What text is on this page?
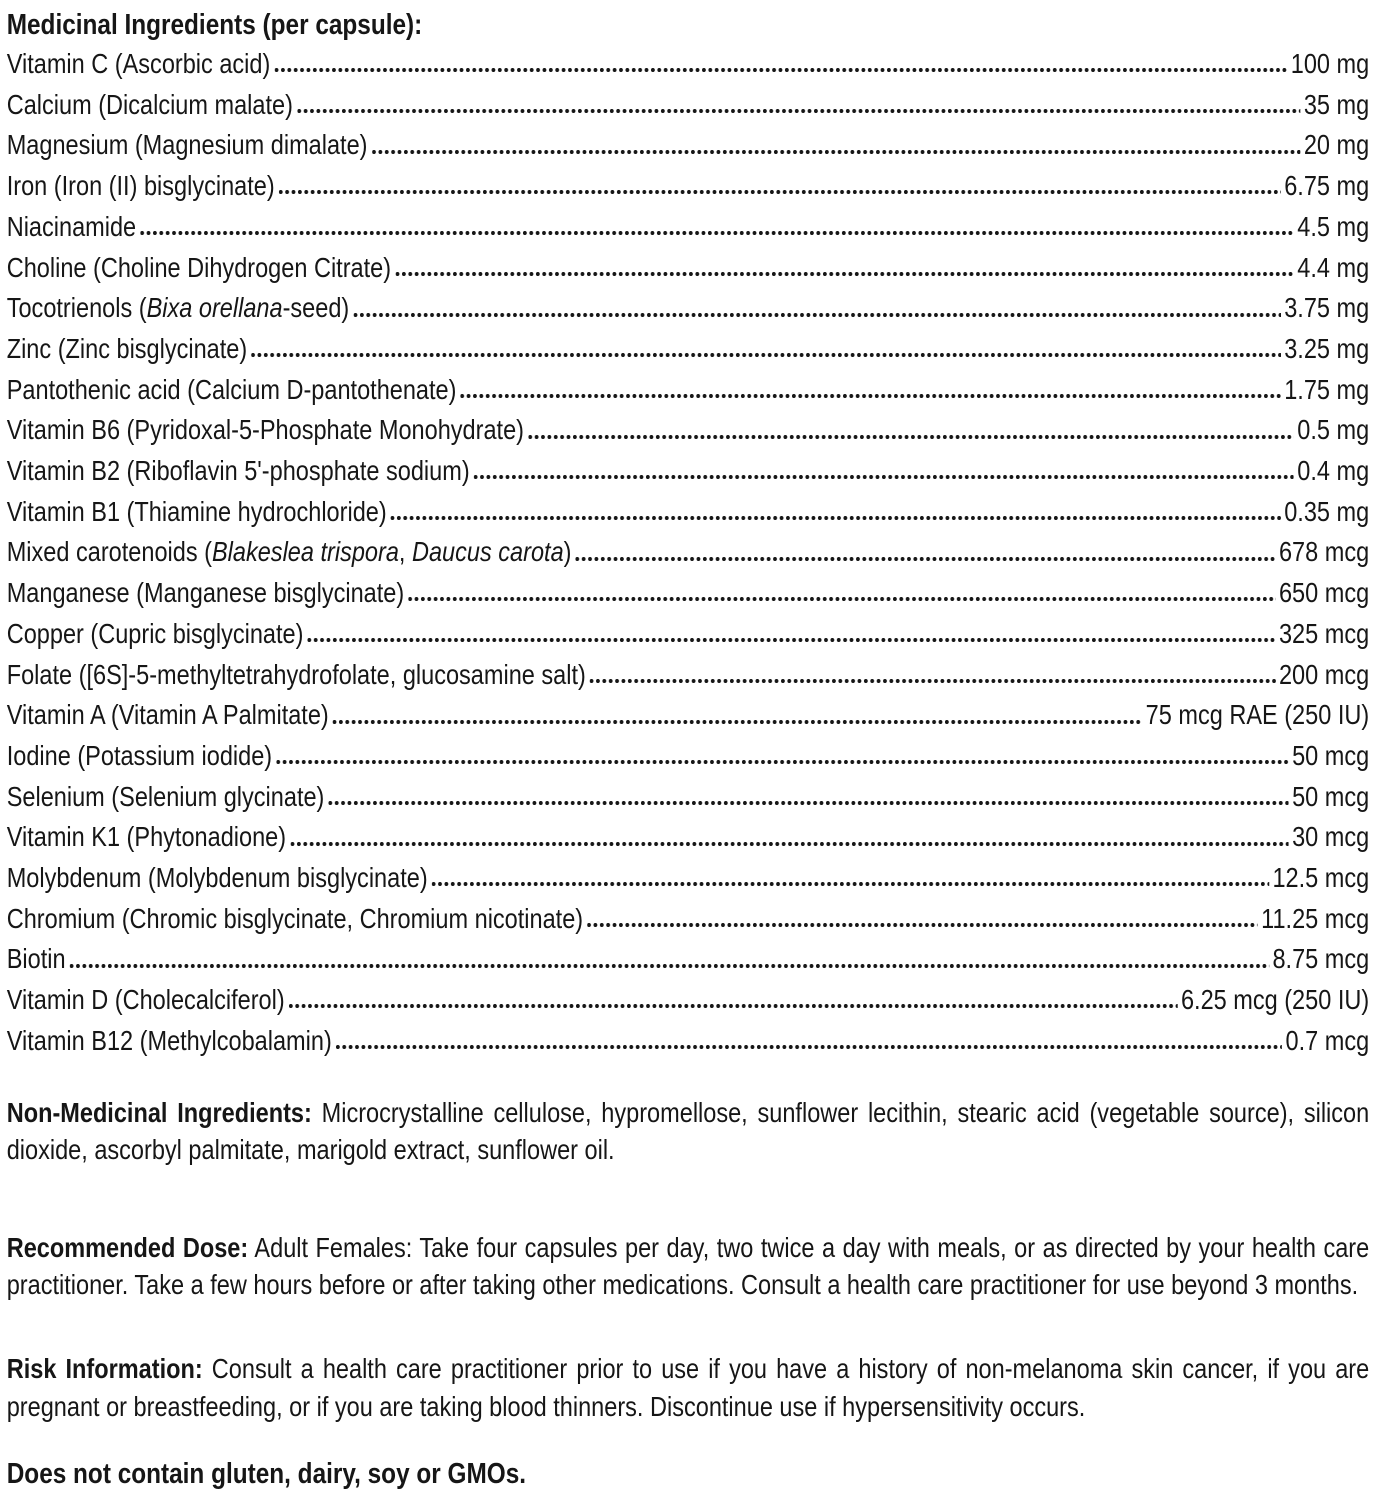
Medicinal Ingredients (per capsule):
Vitamin C (Ascorbic acid)	100 mg
Calcium (Dicalcium malate)	35 mg
Magnesium (Magnesium dimalate)	20 mg
Iron (Iron (II) bisglycinate)	6.75 mg
Niacinamide	4.5 mg
Choline (Choline Dihydrogen Citrate)	4.4 mg
Tocotrienols (Bixa orellana-seed)	3.75 mg
Zinc (Zinc bisglycinate)	3.25 mg
Pantothenic acid (Calcium D-pantothenate)	1.75 mg
Vitamin B6 (Pyridoxal-5-Phosphate Monohydrate)	0.5 mg
Vitamin B2 (Riboflavin 5'-phosphate sodium)	0.4 mg
Vitamin B1 (Thiamine hydrochloride)	0.35 mg
Mixed carotenoids (Blakeslea trispora, Daucus carota)	678 mcg
Manganese (Manganese bisglycinate)	650 mcg
Copper (Cupric bisglycinate)	325 mcg
Folate ([6S]-5-methyltetrahydrofolate, glucosamine salt)	200 mcg
Vitamin A (Vitamin A Palmitate)	75 mcg RAE (250 IU)
Iodine (Potassium iodide)	50 mcg
Selenium (Selenium glycinate)	50 mcg
Vitamin K1 (Phytonadione)	30 mcg
Molybdenum (Molybdenum bisglycinate)	12.5 mcg
Chromium (Chromic bisglycinate, Chromium nicotinate)	11.25 mcg
Biotin	8.75 mcg
Vitamin D (Cholecalciferol)	6.25 mcg (250 IU)
Vitamin B12 (Methylcobalamin)	0.7 mcg

Non-Medicinal Ingredients: Microcrystalline cellulose, hypromellose, sunflower lecithin, stearic acid (vegetable source), silicon dioxide, ascorbyl palmitate, marigold extract, sunflower oil.

Recommended Dose: Adult Females: Take four capsules per day, two twice a day with meals, or as directed by your health care practitioner. Take a few hours before or after taking other medications. Consult a health care practitioner for use beyond 3 months.

Risk Information: Consult a health care practitioner prior to use if you have a history of non-melanoma skin cancer, if you are pregnant or breastfeeding, or if you are taking blood thinners. Discontinue use if hypersensitivity occurs.

Does not contain gluten, dairy, soy or GMOs.
